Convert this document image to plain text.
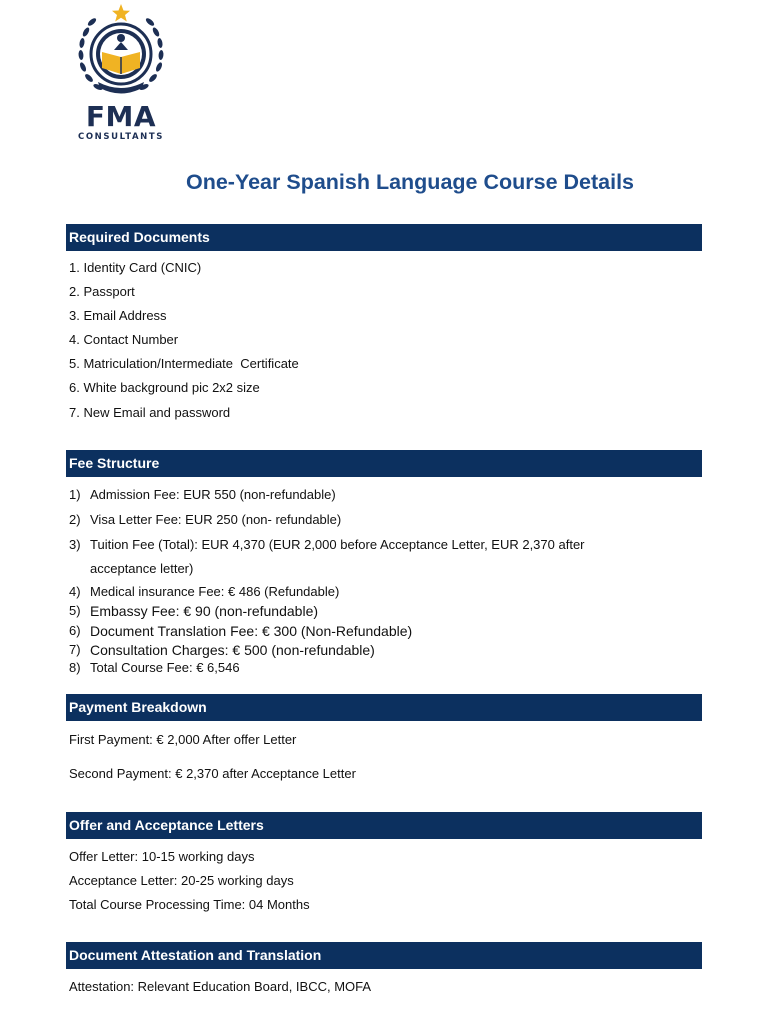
FMA
CONSULTANTS
One-Year Spanish Language Course Details
Required Documents
1. Identity Card (CNIC)
2. Passport
3. Email Address
4. Contact Number
5. Matriculation/Intermediate  Certificate
6. White background pic 2x2 size
7. New Email and password
Fee Structure
1) Admission Fee: EUR 550 (non-refundable)
2) Visa Letter Fee: EUR 250 (non- refundable)
3) Tuition Fee (Total): EUR 4,370 (EUR 2,000 before Acceptance Letter, EUR 2,370 after
acceptance letter)
4) Medical insurance Fee: € 486 (Refundable)
5) Embassy Fee: € 90 (non-refundable)
6) Document Translation Fee: € 300 (Non-Refundable)
7) Consultation Charges: € 500 (non-refundable)
8) Total Course Fee: € 6,546
Payment Breakdown
First Payment: € 2,000 After offer Letter
Second Payment: € 2,370 after Acceptance Letter
Offer and Acceptance Letters
Offer Letter: 10-15 working days
Acceptance Letter: 20-25 working days
Total Course Processing Time: 04 Months
Document Attestation and Translation
Attestation: Relevant Education Board, IBCC, MOFA
